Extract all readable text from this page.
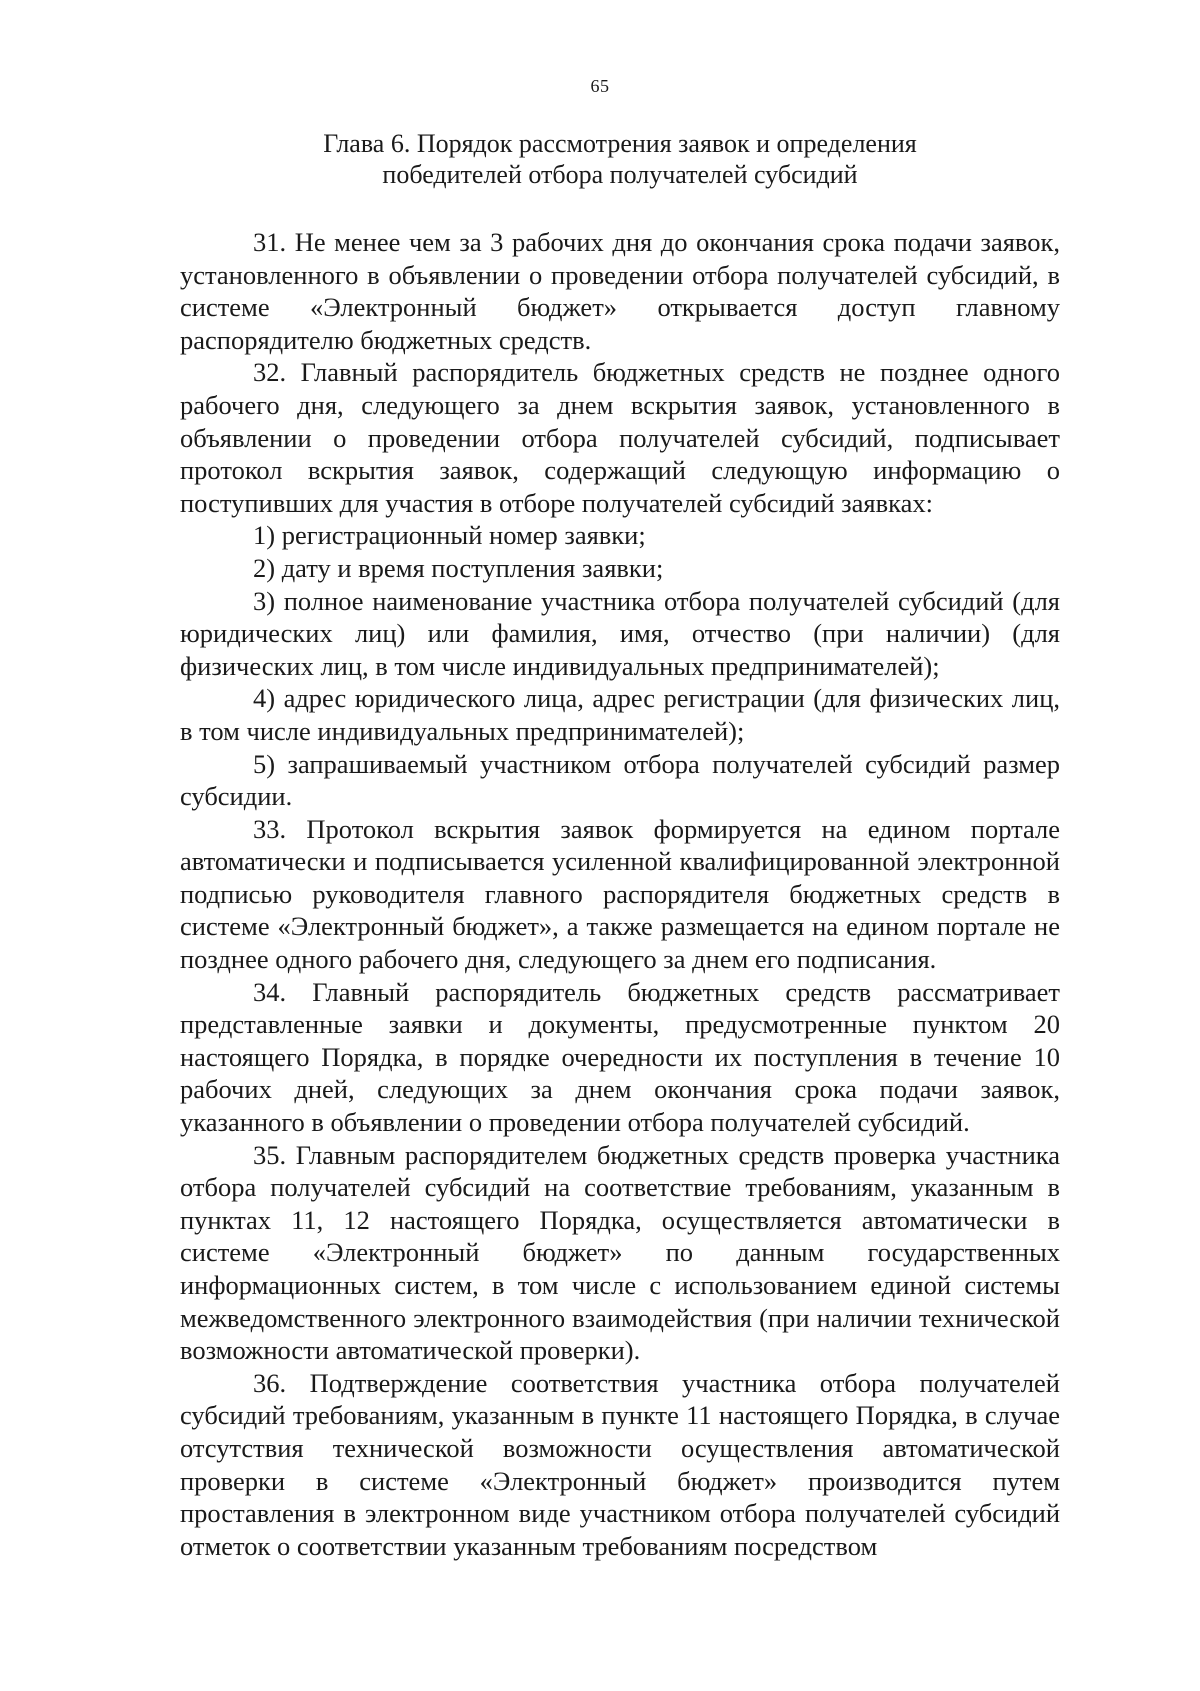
65
Глава 6. Порядок рассмотрения заявок и определения
победителей отбора получателей субсидий

31. Не менее чем за 3 рабочих дня до окончания срока подачи заявок, установленного в объявлении о проведении отбора получателей субсидий, в системе «Электронный бюджет» открывается доступ главному распорядителю бюджетных средств.

32. Главный распорядитель бюджетных средств не позднее одного рабочего дня, следующего за днем вскрытия заявок, установленного в объявлении о проведении отбора получателей субсидий, подписывает протокол вскрытия заявок, содержащий следующую информацию о поступивших для участия в отборе получателей субсидий заявках:

1) регистрационный номер заявки;

2) дату и время поступления заявки;

3) полное наименование участника отбора получателей субсидий (для юридических лиц) или фамилия, имя, отчество (при наличии) (для физических лиц, в том числе индивидуальных предпринимателей);

4) адрес юридического лица, адрес регистрации (для физических лиц, в том числе индивидуальных предпринимателей);

5) запрашиваемый участником отбора получателей субсидий размер субсидии.

33. Протокол вскрытия заявок формируется на едином портале автоматически и подписывается усиленной квалифицированной электронной подписью руководителя главного распорядителя бюджетных средств в системе «Электронный бюджет», а также размещается на едином портале не позднее одного рабочего дня, следующего за днем его подписания.

34. Главный распорядитель бюджетных средств рассматривает представленные заявки и документы, предусмотренные пунктом 20 настоящего Порядка, в порядке очередности их поступления в течение 10 рабочих дней, следующих за днем окончания срока подачи заявок, указанного в объявлении о проведении отбора получателей субсидий.

35. Главным распорядителем бюджетных средств проверка участника отбора получателей субсидий на соответствие требованиям, указанным в пунктах 11, 12 настоящего Порядка, осуществляется автоматически в системе «Электронный бюджет» по данным государственных информационных систем, в том числе с использованием единой системы межведомственного электронного взаимодействия (при наличии технической возможности автоматической проверки).

36. Подтверждение соответствия участника отбора получателей субсидий требованиям, указанным в пункте 11 настоящего Порядка, в случае отсутствия технической возможности осуществления автоматической проверки в системе «Электронный бюджет» производится путем проставления в электронном виде участником отбора получателей субсидий отметок о соответствии указанным требованиям посредством
